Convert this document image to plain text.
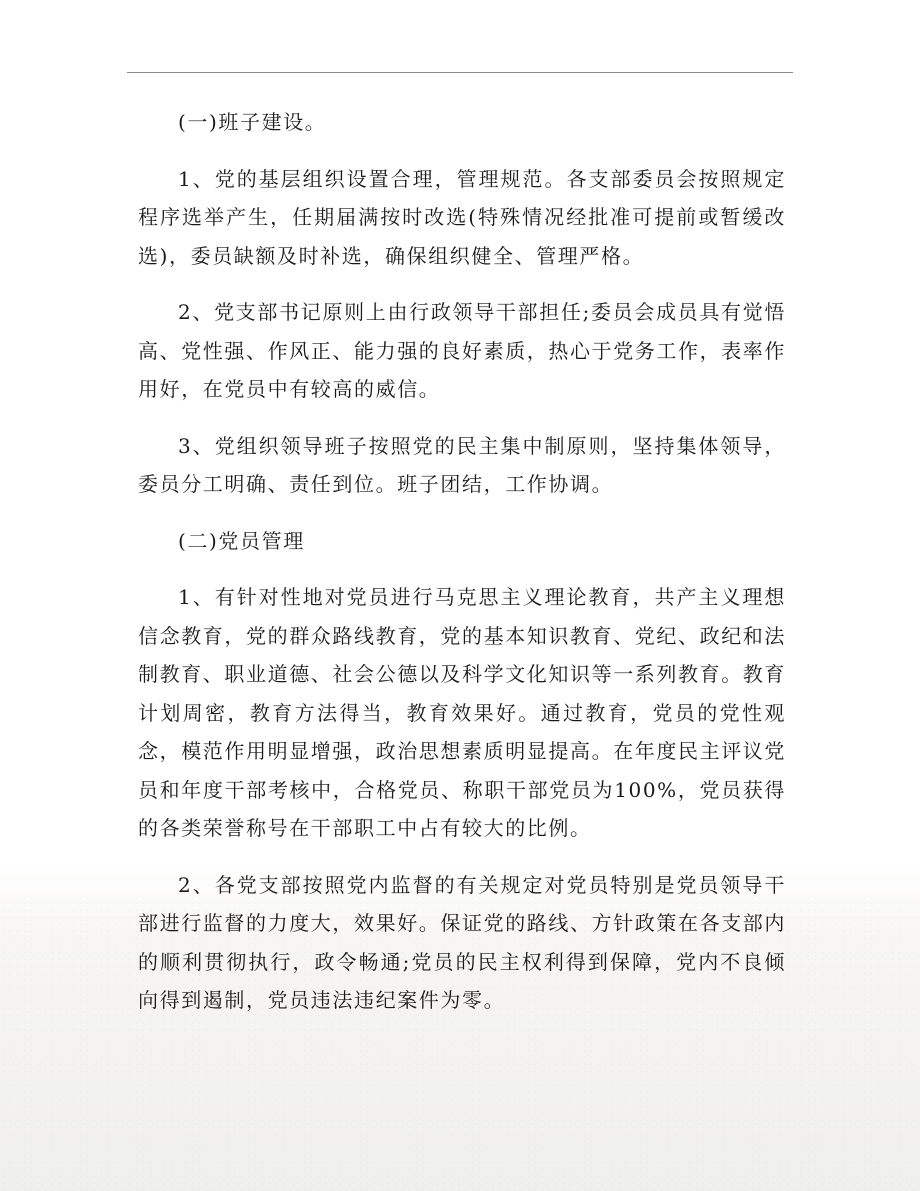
(一)班子建设。

1、党的基层组织设置合理，管理规范。各支部委员会按照规定程序选举产生，任期届满按时改选(特殊情况经批准可提前或暂缓改选)，委员缺额及时补选，确保组织健全、管理严格。

2、党支部书记原则上由行政领导干部担任;委员会成员具有觉悟高、党性强、作风正、能力强的良好素质，热心于党务工作，表率作用好，在党员中有较高的威信。

3、党组织领导班子按照党的民主集中制原则，坚持集体领导，委员分工明确、责任到位。班子团结，工作协调。

(二)党员管理

1、有针对性地对党员进行马克思主义理论教育，共产主义理想信念教育，党的群众路线教育，党的基本知识教育、党纪、政纪和法制教育、职业道德、社会公德以及科学文化知识等一系列教育。教育计划周密，教育方法得当，教育效果好。通过教育，党员的党性观念，模范作用明显增强，政治思想素质明显提高。在年度民主评议党员和年度干部考核中，合格党员、称职干部党员为100%，党员获得的各类荣誉称号在干部职工中占有较大的比例。

2、各党支部按照党内监督的有关规定对党员特别是党员领导干部进行监督的力度大，效果好。保证党的路线、方针政策在各支部内的顺利贯彻执行，政令畅通;党员的民主权利得到保障，党内不良倾向得到遏制，党员违法违纪案件为零。
